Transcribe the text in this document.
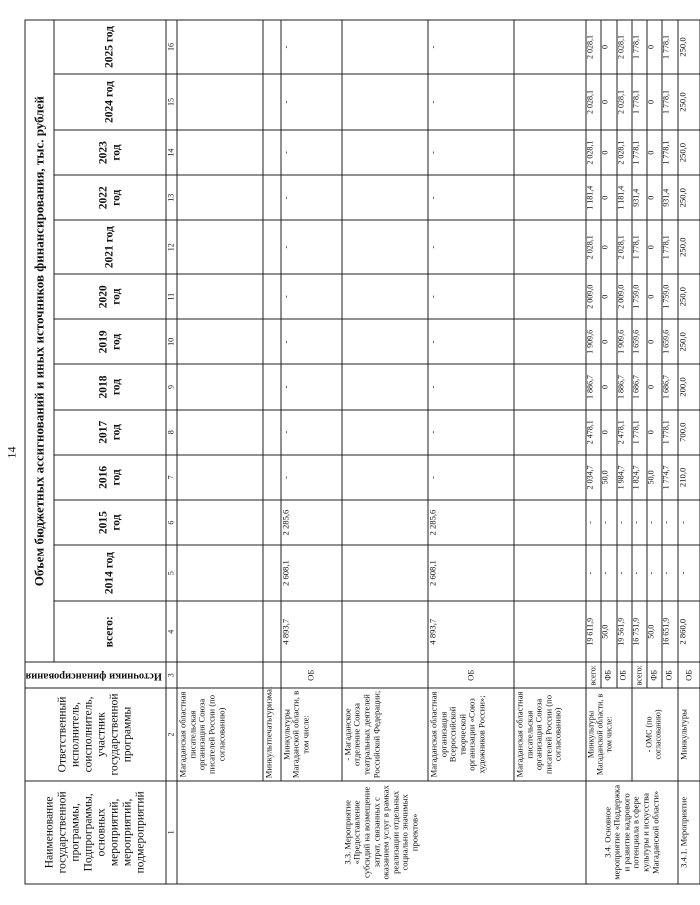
14
Наименование государственной программы, Подпрограммы, основных мероприятий, мероприятий, подмероприятий	Ответственный исполнитель, соисполнитель, участник государственной программы	Источники финансирования	Объем бюджетных ассигнований и иных источников финансирования, тыс. рублей												
			всего:	2014 год	2015 год	2016 год	2017 год	2018 год	2019 год	2020 год	2021 год	2022 год	2023 год	2024 год	2025 год
1	2	3	4	5	6	7	8	9	10	11	12	13	14	15	16
3.3. Мероприятие «Предоставление субсидий на возмещение затрат, связанных с оказанием услуг в рамках реализации отдельных социально значимых проектов»	Магаданская областная писательская организация Союза писателей России (по согласованию)														
	Минкультпечатьтуризма;														
	Минкультуры Магаданской области, в том числе:	ОБ	4 893,7	2 608,1	2 285,6	-	-	-	-	-	-	-	-	-	-
	- Магаданское отделение Союза театральных деятелей Российской Федерации;														
	Магаданская областная организация Всероссийской творческой организации «Союз художников России»;	ОБ	4 893,7	2 608,1	2 285,6	-	-	-	-	-	-	-	-	-	-
	Магаданская областная писательская организация Союза писателей России (по согласованию)														
3.4. Основное мероприятие «Поддержка и развитие кадрового потенциала в сфере культуры и искусства Магаданской области»	Минкультуры Магаданской области, в том числе:	всего:	19 611,9	-	-	2 034,7	2 478,1	1 886,7	1 909,6	2 009,0	2 028,1	1 181,4	2 028,1	2 028,1	2 028,1
		ФБ	50,0	-	-	50,0	0	0	0	0	0	0	0	0	0
		ОБ	19 561,9	-	-	1 984,7	2 478,1	1 886,7	1 909,6	2 009,0	2 028,1	1 181,4	2 028,1	2 028,1	2 028,1
	- ОМС (по согласованию)	всего:	16 751,9	-	-	1 824,7	1 778,1	1 686,7	1 659,6	1 759,0	1 778,1	931,4	1 778,1	1 778,1	1 778,1
		ФБ	50,0	-	-	50,0	0	0	0	0	0	0	0	0	0
		ОБ	16 651,9	-	-	1 774,7	1 778,1	1 686,7	1 659,6	1 759,0	1 778,1	931,4	1 778,1	1 778,1	1 778,1
3.4.1. Мероприятие	Минкультуры	ОБ	2 860,0	-	-	210,0	700,0	200,0	250,0	250,0	250,0	250,0	250,0	250,0	250,0
